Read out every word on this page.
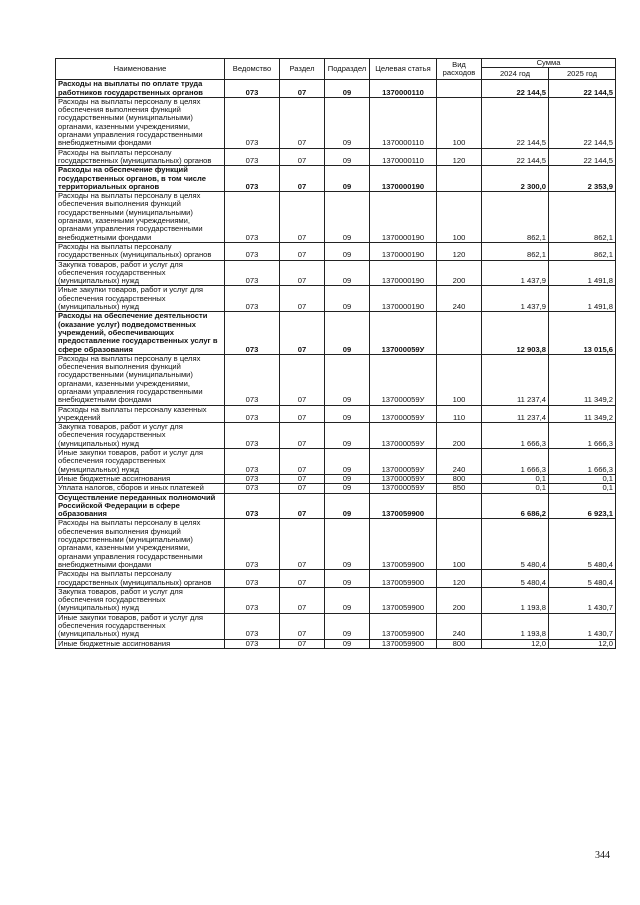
Наименование	Ведомство	Раздел	Подраздел	Целевая статья	Вид расходов	Сумма	
						2024 год	2025 год
Расходы на выплаты по оплате труда работников государственных органов	073	07	09	1370000110		22 144,5	22 144,5
Расходы на выплаты персоналу в целях обеспечения выполнения функций государственными (муниципальными) органами, казенными учреждениями, органами управления государственными внебюджетными фондами	073	07	09	1370000110	100	22 144,5	22 144,5
Расходы на выплаты персоналу государственных (муниципальных) органов	073	07	09	1370000110	120	22 144,5	22 144,5
Расходы на обеспечение функций государственных органов, в том числе территориальных органов	073	07	09	1370000190		2 300,0	2 353,9
Расходы на выплаты персоналу в целях обеспечения выполнения функций государственными (муниципальными) органами, казенными учреждениями, органами управления государственными внебюджетными фондами	073	07	09	1370000190	100	862,1	862,1
Расходы на выплаты персоналу государственных (муниципальных) органов	073	07	09	1370000190	120	862,1	862,1
Закупка товаров, работ и услуг для обеспечения государственных (муниципальных) нужд	073	07	09	1370000190	200	1 437,9	1 491,8
Иные закупки товаров, работ и услуг для обеспечения государственных (муниципальных) нужд	073	07	09	1370000190	240	1 437,9	1 491,8
Расходы на обеспечение деятельности (оказание услуг) подведомственных учреждений, обеспечивающих предоставление государственных услуг в сфере образования	073	07	09	137000059У		12 903,8	13 015,6
Расходы на выплаты персоналу в целях обеспечения выполнения функций государственными (муниципальными) органами, казенными учреждениями, органами управления государственными внебюджетными фондами	073	07	09	137000059У	100	11 237,4	11 349,2
Расходы на выплаты персоналу казенных учреждений	073	07	09	137000059У	110	11 237,4	11 349,2
Закупка товаров, работ и услуг для обеспечения государственных (муниципальных) нужд	073	07	09	137000059У	200	1 666,3	1 666,3
Иные закупки товаров, работ и услуг для обеспечения государственных (муниципальных) нужд	073	07	09	137000059У	240	1 666,3	1 666,3
Иные бюджетные ассигнования	073	07	09	137000059У	800	0,1	0,1
Уплата налогов, сборов и иных платежей	073	07	09	137000059У	850	0,1	0,1
Осуществление переданных полномочий Российской Федерации в сфере образования	073	07	09	1370059900		6 686,2	6 923,1
Расходы на выплаты персоналу в целях обеспечения выполнения функций государственными (муниципальными) органами, казенными учреждениями, органами управления государственными внебюджетными фондами	073	07	09	1370059900	100	5 480,4	5 480,4
Расходы на выплаты персоналу государственных (муниципальных) органов	073	07	09	1370059900	120	5 480,4	5 480,4
Закупка товаров, работ и услуг для обеспечения государственных (муниципальных) нужд	073	07	09	1370059900	200	1 193,8	1 430,7
Иные закупки товаров, работ и услуг для обеспечения государственных (муниципальных) нужд	073	07	09	1370059900	240	1 193,8	1 430,7
Иные бюджетные ассигнования	073	07	09	1370059900	800	12,0	12,0
344
